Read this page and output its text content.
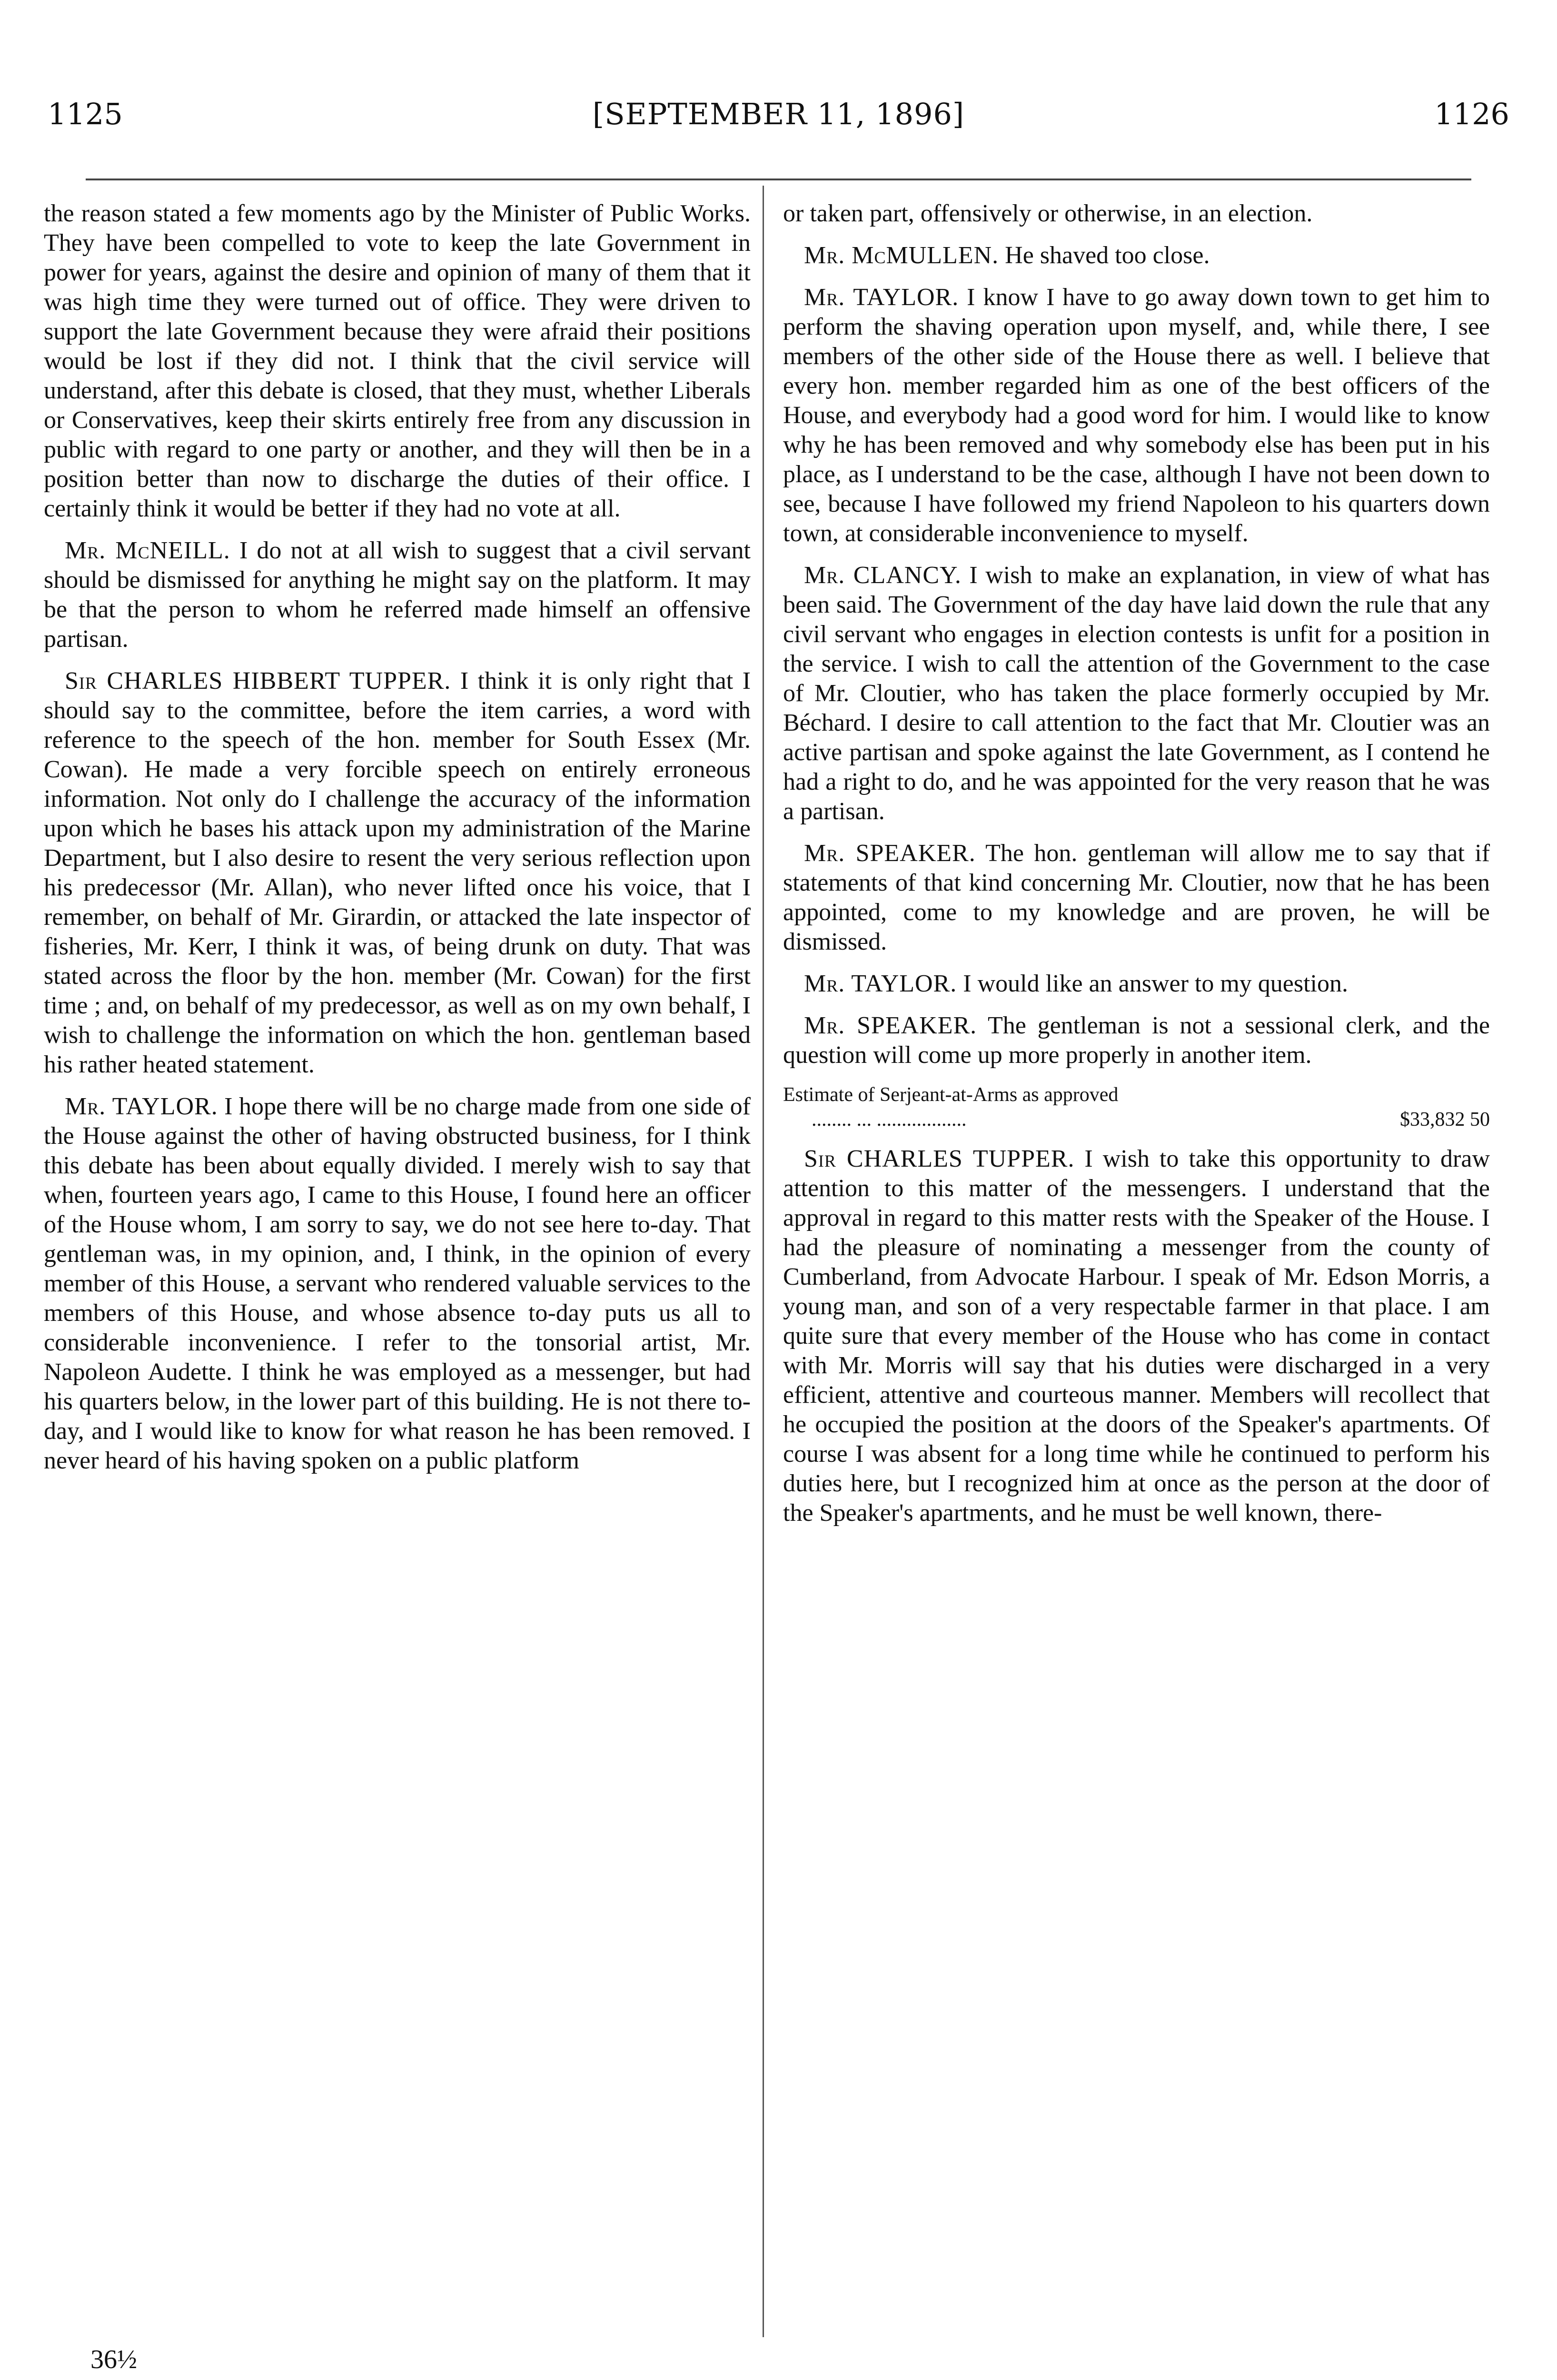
1125	[SEPTEMBER 11, 1896]	1126

the reason stated a few moments ago by the Minister of Public Works. They have been compelled to vote to keep the late Government in power for years, against the desire and opinion of many of them that it was high time they were turned out of office. They were driven to support the late Government because they were afraid their positions would be lost if they did not. I think that the civil service will understand, after this debate is closed, that they must, whether Liberals or Conservatives, keep their skirts entirely free from any discussion in public with regard to one party or another, and they will then be in a position better than now to discharge the duties of their office. I certainly think it would be better if they had no vote at all.

Mr. McNEILL. I do not at all wish to suggest that a civil servant should be dismissed for anything he might say on the platform. It may be that the person to whom he referred made himself an offensive partisan.

Sir CHARLES HIBBERT TUPPER. I think it is only right that I should say to the committee, before the item carries, a word with reference to the speech of the hon. member for South Essex (Mr. Cowan). He made a very forcible speech on entirely erroneous information. Not only do I challenge the accuracy of the information upon which he bases his attack upon my administration of the Marine Department, but I also desire to resent the very serious reflection upon his predecessor (Mr. Allan), who never lifted once his voice, that I remember, on behalf of Mr. Girardin, or attacked the late inspector of fisheries, Mr. Kerr, I think it was, of being drunk on duty. That was stated across the floor by the hon. member (Mr. Cowan) for the first time ; and, on behalf of my predecessor, as well as on my own behalf, I wish to challenge the information on which the hon. gentleman based his rather heated statement.

Mr. TAYLOR. I hope there will be no charge made from one side of the House against the other of having obstructed business, for I think this debate has been about equally divided. I merely wish to say that when, fourteen years ago, I came to this House, I found here an officer of the House whom, I am sorry to say, we do not see here to-day. That gentleman was, in my opinion, and, I think, in the opinion of every member of this House, a servant who rendered valuable services to the members of this House, and whose absence to-day puts us all to considerable inconvenience. I refer to the tonsorial artist, Mr. Napoleon Audette. I think he was employed as a messenger, but had his quarters below, in the lower part of this building. He is not there to-day, and I would like to know for what reason he has been removed. I never heard of his having spoken on a public platform

or taken part, offensively or otherwise, in an election.

Mr. McMULLEN. He shaved too close.

Mr. TAYLOR. I know I have to go away down town to get him to perform the shaving operation upon myself, and, while there, I see members of the other side of the House there as well. I believe that every hon. member regarded him as one of the best officers of the House, and everybody had a good word for him. I would like to know why he has been removed and why somebody else has been put in his place, as I understand to be the case, although I have not been down to see, because I have followed my friend Napoleon to his quarters down town, at considerable inconvenience to myself.

Mr. CLANCY. I wish to make an explanation, in view of what has been said. The Government of the day have laid down the rule that any civil servant who engages in election contests is unfit for a position in the service. I wish to call the attention of the Government to the case of Mr. Cloutier, who has taken the place formerly occupied by Mr. Béchard. I desire to call attention to the fact that Mr. Cloutier was an active partisan and spoke against the late Government, as I contend he had a right to do, and he was appointed for the very reason that he was a partisan.

Mr. SPEAKER. The hon. gentleman will allow me to say that if statements of that kind concerning Mr. Cloutier, now that he has been appointed, come to my knowledge and are proven, he will be dismissed.

Mr. TAYLOR. I would like an answer to my question.

Mr. SPEAKER. The gentleman is not a sessional clerk, and the question will come up more properly in another item.

Estimate of Serjeant-at-Arms as approved
........ ... ..................	$33,832 50

Sir CHARLES TUPPER. I wish to take this opportunity to draw attention to this matter of the messengers. I understand that the approval in regard to this matter rests with the Speaker of the House. I had the pleasure of nominating a messenger from the county of Cumberland, from Advocate Harbour. I speak of Mr. Edson Morris, a young man, and son of a very respectable farmer in that place. I am quite sure that every member of the House who has come in contact with Mr. Morris will say that his duties were discharged in a very efficient, attentive and courteous manner. Members will recollect that he occupied the position at the doors of the Speaker's apartments. Of course I was absent for a long time while he continued to perform his duties here, but I recognized him at once as the person at the door of the Speaker's apartments, and he must be well known, there-

36½
